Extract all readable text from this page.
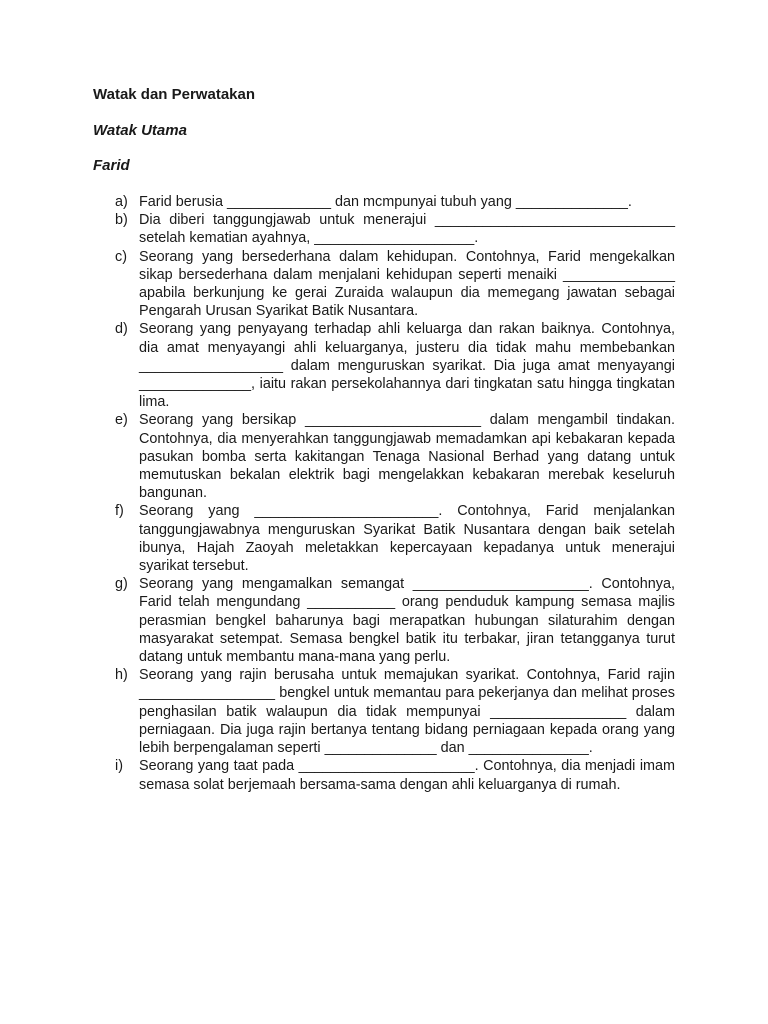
Watak dan Perwatakan
Watak Utama
Farid
a) Farid berusia _____________ dan mcmpunyai tubuh yang ______________.
b) Dia diberi tanggungjawab untuk menerajui ______________________________ setelah kematian ayahnya, ____________________.
c) Seorang yang bersederhana dalam kehidupan. Contohnya, Farid mengekalkan sikap bersederhana dalam menjalani kehidupan seperti menaiki ______________ apabila berkunjung ke gerai Zuraida walaupun dia memegang jawatan sebagai Pengarah Urusan Syarikat Batik Nusantara.
d) Seorang yang penyayang terhadap ahli keluarga dan rakan baiknya. Contohnya, dia amat menyayangi ahli keluarganya, justeru dia tidak mahu membebankan __________________ dalam menguruskan syarikat. Dia juga amat menyayangi ______________, iaitu rakan persekolahannya dari tingkatan satu hingga tingkatan lima.
e) Seorang yang bersikap ______________________ dalam mengambil tindakan. Contohnya, dia menyerahkan tanggungjawab memadamkan api kebakaran kepada pasukan bomba serta kakitangan Tenaga Nasional Berhad yang datang untuk memutuskan bekalan elektrik bagi mengelakkan kebakaran merebak keseluruh bangunan.
f)	Seorang yang _______________________. Contohnya, Farid menjalankan tanggungjawabnya menguruskan Syarikat Batik Nusantara dengan baik setelah ibunya, Hajah Zaoyah meletakkan kepercayaan kepadanya untuk menerajui syarikat tersebut.
g) Seorang yang mengamalkan semangat ______________________. Contohnya, Farid telah mengundang ___________ orang penduduk kampung semasa majlis perasmian bengkel baharunya bagi merapatkan hubungan silaturahim dengan masyarakat setempat. Semasa bengkel batik itu terbakar, jiran tetangganya turut datang untuk membantu mana-mana yang perlu.
h) Seorang yang rajin berusaha untuk memajukan syarikat. Contohnya, Farid rajin _________________ bengkel untuk memantau para pekerjanya dan melihat proses penghasilan batik walaupun dia tidak mempunyai _________________ dalam perniagaan. Dia juga rajin bertanya tentang bidang perniagaan kepada orang yang lebih berpengalaman seperti ______________ dan _______________.
i)	Seorang yang taat pada ______________________. Contohnya, dia menjadi imam semasa solat berjemaah bersama-sama dengan ahli keluarganya di rumah.
